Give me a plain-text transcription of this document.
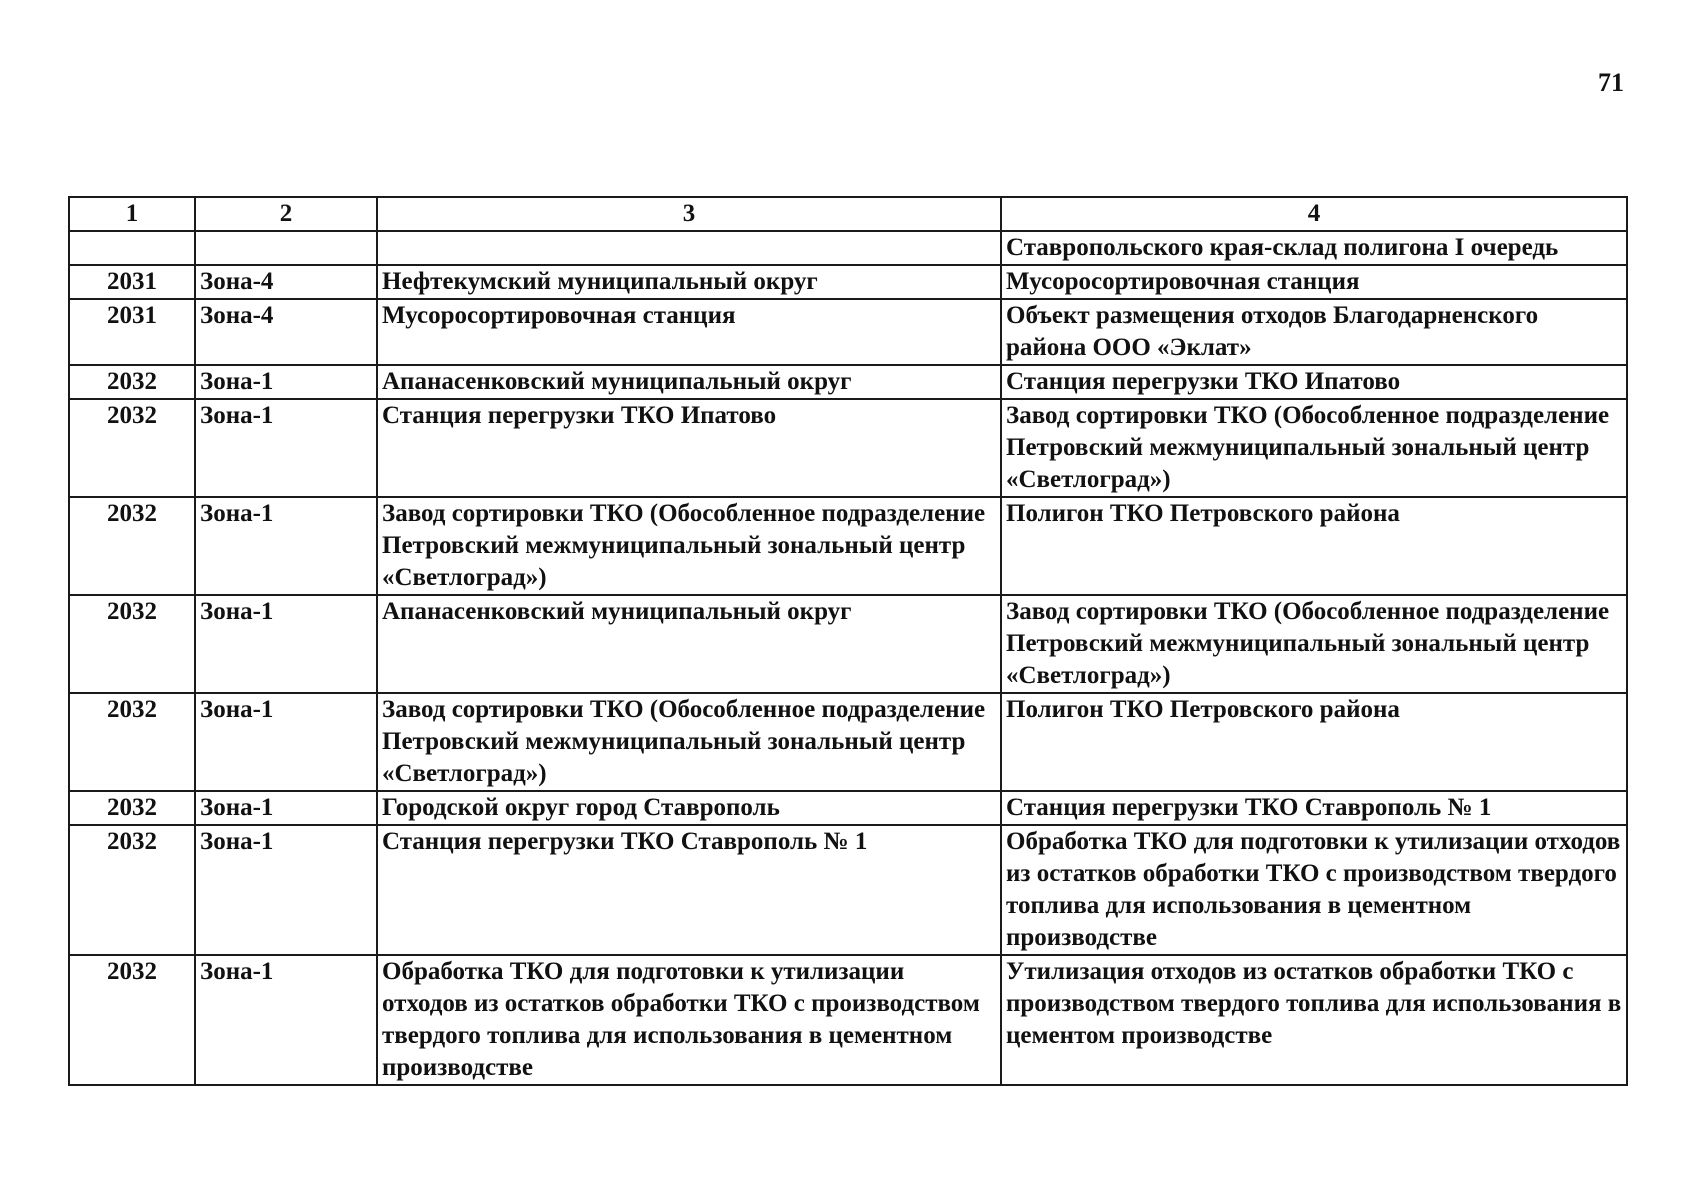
71
1	2	3	4
			Ставропольского края-склад полигона I очередь
2031	Зона-4	Нефтекумский муниципальный округ	Мусоросортировочная станция
2031	Зона-4	Мусоросортировочная станция	Объект размещения отходов Благодарненского района ООО «Эклат»
2032	Зона-1	Апанасенковский муниципальный округ	Станция перегрузки ТКО Ипатово
2032	Зона-1	Станция перегрузки ТКО Ипатово	Завод сортировки ТКО (Обособленное подразделение Петровский межмуниципальный зональный центр «Светлоград»)
2032	Зона-1	Завод сортировки ТКО (Обособленное подразделение Петровский межмуниципальный зональный центр «Светлоград»)	Полигон ТКО Петровского района
2032	Зона-1	Апанасенковский муниципальный округ	Завод сортировки ТКО (Обособленное подразделение Петровский межмуниципальный зональный центр «Светлоград»)
2032	Зона-1	Завод сортировки ТКО (Обособленное подразделение Петровский межмуниципальный зональный центр «Светлоград»)	Полигон ТКО Петровского района
2032	Зона-1	Городской округ город Ставрополь	Станция перегрузки ТКО Ставрополь № 1
2032	Зона-1	Станция перегрузки ТКО Ставрополь № 1	Обработка ТКО для подготовки к утилизации отходов из остатков обработки ТКО с производством твердого топлива для использования в цементном производстве
2032	Зона-1	Обработка ТКО для подготовки к утилизации отходов из остатков обработки ТКО с производством твердого топлива для использования в цементном производстве	Утилизация отходов из остатков обработки ТКО с производством твердого топлива для использования в цементом производстве
